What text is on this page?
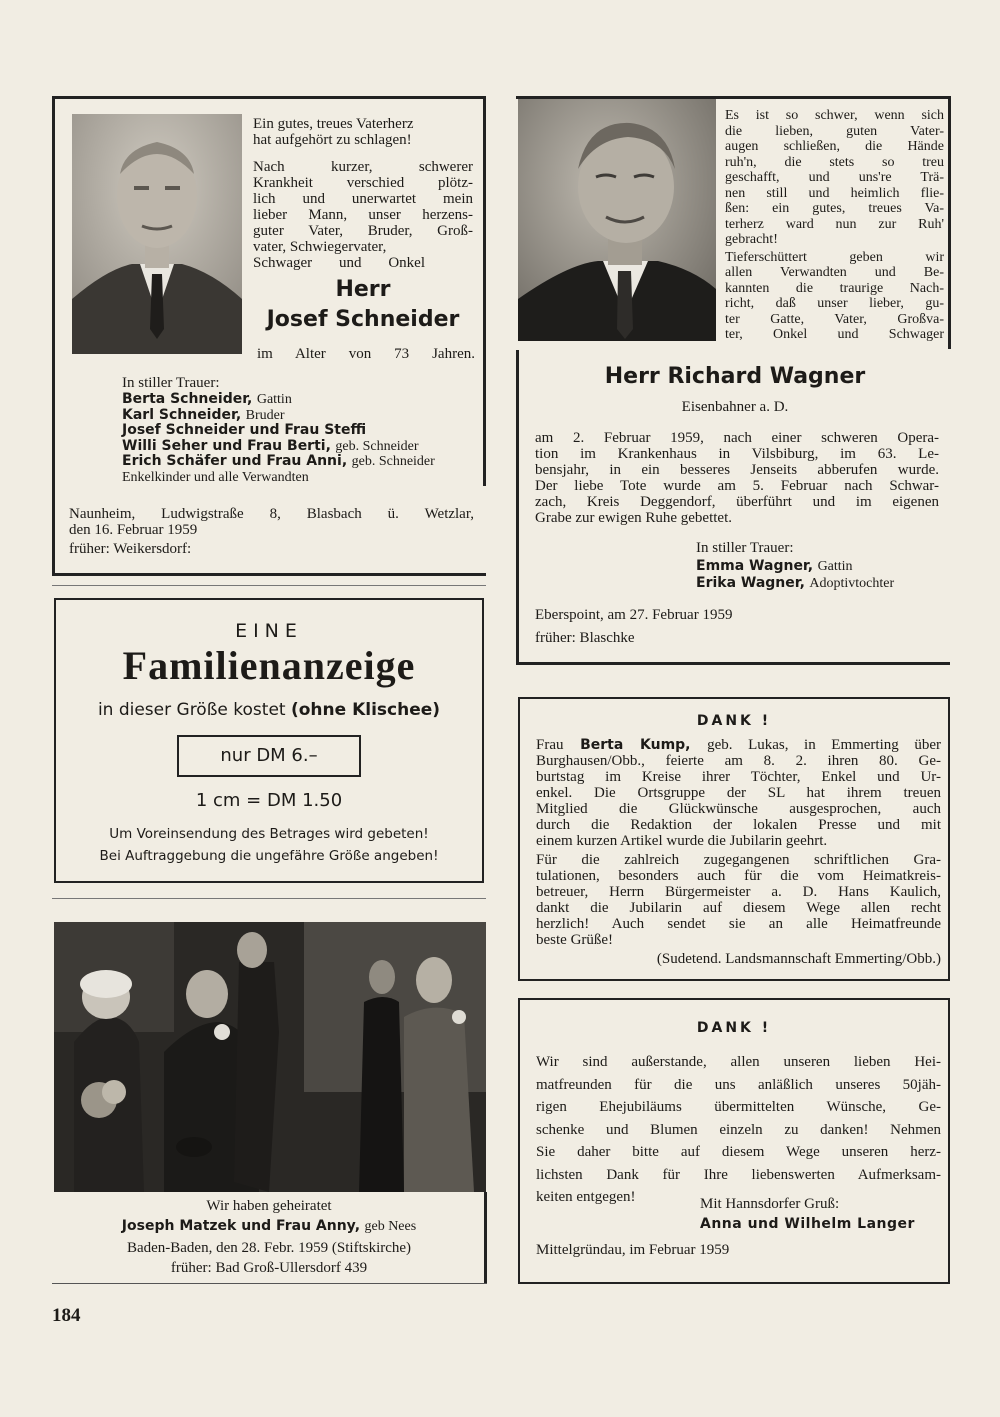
Ein gutes, treues Vaterherz
hat aufgehört zu schlagen!
Nach kurzer, schwerer
Krankheit verschied plötz-
lich und unerwartet mein
lieber Mann, unser herzens-
guter Vater, Bruder, Groß-
vater, Schwiegervater,
Schwager und Onkel
Herr
Josef Schneider
im Alter von 73 Jahren.
In stiller Trauer:
Berta Schneider, Gattin
Karl Schneider, Bruder
Josef Schneider und Frau Steffi
Willi Seher und Frau Berti, geb. Schneider
Erich Schäfer und Frau Anni, geb. Schneider
Enkelkinder und alle Verwandten
Naunheim, Ludwigstraße 8, Blasbach ü. Wetzlar,
den 16. Februar 1959
früher: Weikersdorf:
EINE
Familienanzeige
in dieser Größe kostet (ohne Klischee)
nur DM 6.–
1 cm = DM 1.50
Um Voreinsendung des Betrages wird gebeten!
Bei Auftraggebung die ungefähre Größe angeben!
Wir haben geheiratet
Joseph Matzek und Frau Anny, geb Nees
Baden-Baden, den 28. Febr. 1959 (Stiftskirche)
früher: Bad Groß-Ullersdorf 439
Es ist so schwer, wenn sich
die lieben, guten Vater-
augen schließen, die Hände
ruh'n, die stets so treu
geschafft, und uns're Trä-
nen still und heimlich flie-
ßen: ein gutes, treues Va-
terherz ward nun zur Ruh'
gebracht!
Tieferschüttert geben wir
allen Verwandten und Be-
kannten die traurige Nach-
richt, daß unser lieber, gu-
ter Gatte, Vater, Großva-
ter, Onkel und Schwager
Herr Richard Wagner
Eisenbahner a. D.
am 2. Februar 1959, nach einer schweren Opera-
tion im Krankenhaus in Vilsbiburg, im 63. Le-
bensjahr, in ein besseres Jenseits abberufen wurde.
Der liebe Tote wurde am 5. Februar nach Schwar-
zach, Kreis Deggendorf, überführt und im eigenen
Grabe zur ewigen Ruhe gebettet.
In stiller Trauer:
Emma Wagner, Gattin
Erika Wagner, Adoptivtochter
Eberspoint, am 27. Februar 1959
früher: Blaschke
DANK !
Frau Berta Kump, geb. Lukas, in Emmerting über
Burghausen/Obb., feierte am 8. 2. ihren 80. Ge-
burtstag im Kreise ihrer Töchter, Enkel und Ur-
enkel. Die Ortsgruppe der SL hat ihrem treuen
Mitglied die Glückwünsche ausgesprochen, auch
durch die Redaktion der lokalen Presse und mit
einem kurzen Artikel wurde die Jubilarin geehrt.
Für die zahlreich zugegangenen schriftlichen Gra-
tulationen, besonders auch für die vom Heimatkreis-
betreuer, Herrn Bürgermeister a. D. Hans Kaulich,
dankt die Jubilarin auf diesem Wege allen recht
herzlich! Auch sendet sie an alle Heimatfreunde
beste Grüße!
(Sudetend. Landsmannschaft Emmerting/Obb.)
DANK !
Wir sind außerstande, allen unseren lieben Hei-
matfreunden für die uns anläßlich unseres 50jäh-
rigen Ehejubiläums übermittelten Wünsche, Ge-
schenke und Blumen einzeln zu danken! Nehmen
Sie daher bitte auf diesem Wege unseren herz-
lichsten Dank für Ihre liebenswerten Aufmerksam-
keiten entgegen!	Mit Hannsdorfer Gruß:
Anna und Wilhelm Langer
Mittelgründau, im Februar 1959
184
